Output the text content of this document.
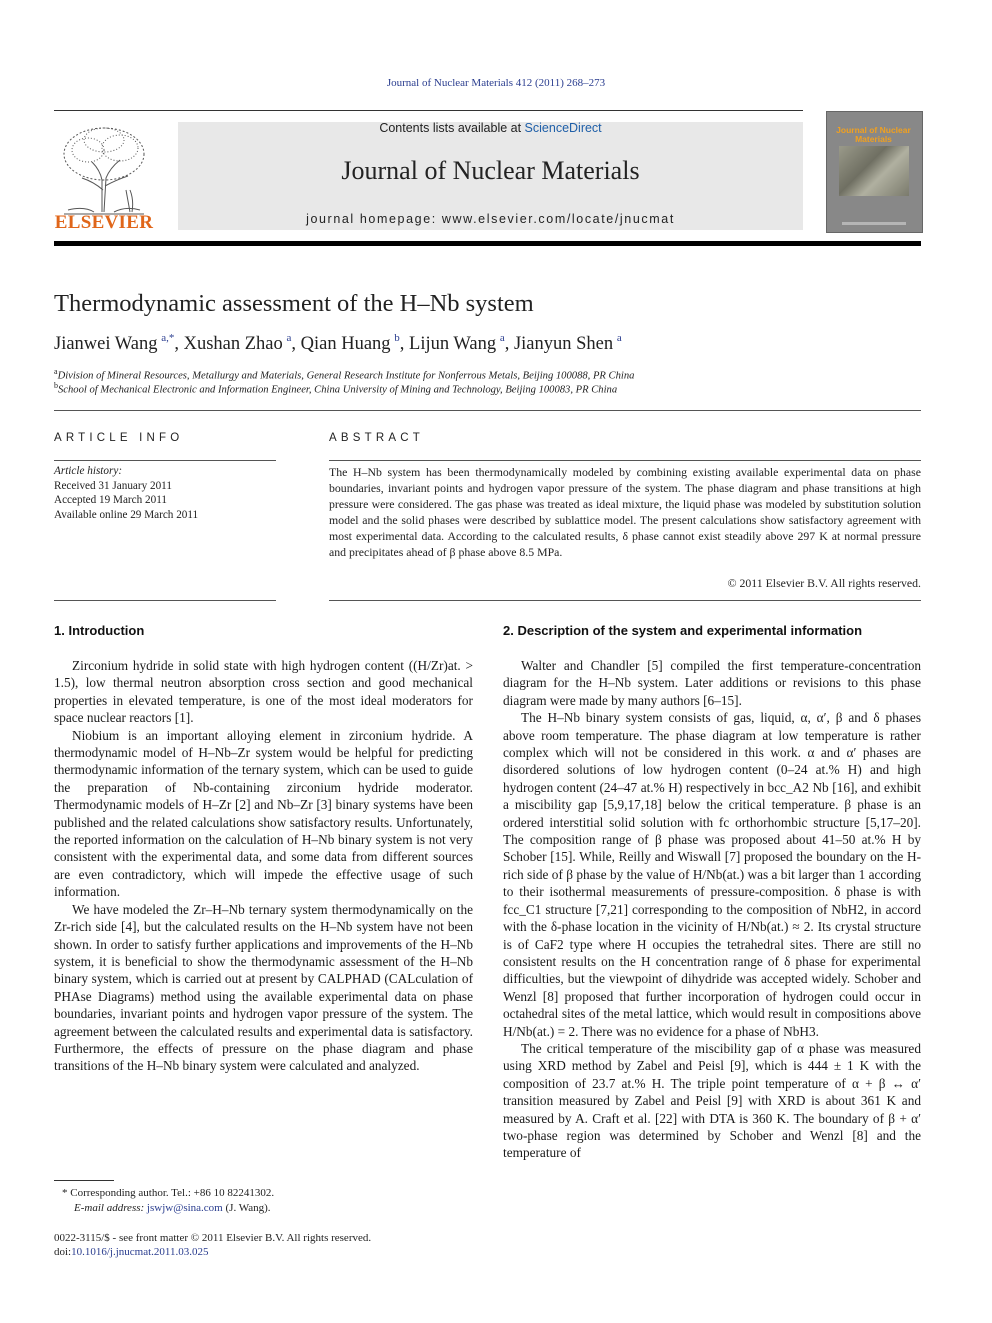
Journal of Nuclear Materials 412 (2011) 268–273
ELSEVIER
Contents lists available at ScienceDirect
Journal of Nuclear Materials
journal homepage: www.elsevier.com/locate/jnucmat
Journal of Nuclear Materials
Thermodynamic assessment of the H–Nb system
Jianwei Wang  $^{a,*}$, Xushan Zhao  $^a$, Qian Huang  $^b$, Lijun Wang  $^a$, Jianyun Shen  $^a$
$^a$Division of Mineral Resources, Metallurgy and Materials, General Research Institute for Nonferrous Metals, Beijing 100088, PR China
$^b$School of Mechanical Electronic and Information Engineer, China University of Mining and Technology, Beijing 100083, PR China
ARTICLE INFO
Article history:
Received 31 January 2011
Accepted 19 March 2011
Available online 29 March 2011
ABSTRACT
The H–Nb system has been thermodynamically modeled by combining existing available experimental data on phase boundaries, invariant points and hydrogen vapor pressure of the system. The phase diagram and phase transitions at high pressure were considered. The gas phase was treated as ideal mixture, the liquid phase was modeled by substitution solution model and the solid phases were described by sublattice model. The present calculations show satisfactory agreement with most experimental data. According to the calculated results, δ phase cannot exist steadily above 297 K at normal pressure and precipitates ahead of β phase above 8.5 MPa.
© 2011 Elsevier B.V. All rights reserved.
1. Introduction

Zirconium hydride in solid state with high hydrogen content ((H/Zr)at. > 1.5), low thermal neutron absorption cross section and good mechanical properties in elevated temperature, is one of the most ideal moderators for space nuclear reactors [1].

Niobium is an important alloying element in zirconium hydride. A thermodynamic model of H–Nb–Zr system would be helpful for predicting thermodynamic information of the ternary system, which can be used to guide the preparation of Nb-containing zirconium hydride moderator. Thermodynamic models of H–Zr [2] and Nb–Zr [3] binary systems have been published and the related calculations show satisfactory results. Unfortunately, the reported information on the calculation of H–Nb binary system is not very consistent with the experimental data, and some data from different sources are even contradictory, which will impede the effective usage of such information.

We have modeled the Zr–H–Nb ternary system thermodynamically on the Zr-rich side [4], but the calculated results on the H–Nb system have not been shown. In order to satisfy further applications and improvements of the H–Nb system, it is beneficial to show the thermodynamic assessment of the H–Nb binary system, which is carried out at present by CALPHAD (CALculation of PHAse Diagrams) method using the available experimental data on phase boundaries, invariant points and hydrogen vapor pressure of the system. The agreement between the calculated results and experimental data is satisfactory. Furthermore, the effects of pressure on the phase diagram and phase transitions of the H–Nb binary system were calculated and analyzed.

2. Description of the system and experimental information

Walter and Chandler [5] compiled the first temperature-concentration diagram for the H–Nb system. Later additions or revisions to this phase diagram were made by many authors [6–15].

The H–Nb binary system consists of gas, liquid, α, α′, β and δ phases above room temperature. The phase diagram at low temperature is rather complex which will not be considered in this work. α and α′ phases are disordered solutions of low hydrogen content (0–24 at.% H) and high hydrogen content (24–47 at.% H) respectively in bcc_A2 Nb [16], and exhibit a miscibility gap [5,9,17,18] below the critical temperature. β phase is an ordered interstitial solid solution with fc orthorhombic structure [5,17–20]. The composition range of β phase was proposed about 41–50 at.% H by Schober [15]. While, Reilly and Wiswall [7] proposed the boundary on the H-rich side of β phase by the value of H/Nb(at.) was a bit larger than 1 according to their isothermal measurements of pressure-composition. δ phase is with fcc_C1 structure [7,21] corresponding to the composition of NbH2, in accord with the δ-phase location in the vicinity of H/Nb(at.) ≈ 2. Its crystal structure is of CaF2 type where H occupies the tetrahedral sites. There are still no consistent results on the H concentration range of δ phase for experimental difficulties, but the viewpoint of dihydride was accepted widely. Schober and Wenzl [8] proposed that further incorporation of hydrogen could occur in octahedral sites of the metal lattice, which would result in compositions above H/Nb(at.) = 2. There was no evidence for a phase of NbH3.

The critical temperature of the miscibility gap of α phase was measured using XRD method by Zabel and Peisl [9], which is 444 ± 1 K with the composition of 23.7 at.% H. The triple point temperature of α + β ↔ α′ transition measured by Zabel and Peisl [9] with XRD is about 361 K and measured by A. Craft et al. [22] with DTA is 360 K. The boundary of β + α′ two-phase region was determined by Schober and Wenzl [8] and the temperature of

* Corresponding author. Tel.: +86 10 82241302.
E-mail address: jswjw@sina.com (J. Wang).
0022-3115/$ - see front matter © 2011 Elsevier B.V. All rights reserved.
doi:10.1016/j.jnucmat.2011.03.025
